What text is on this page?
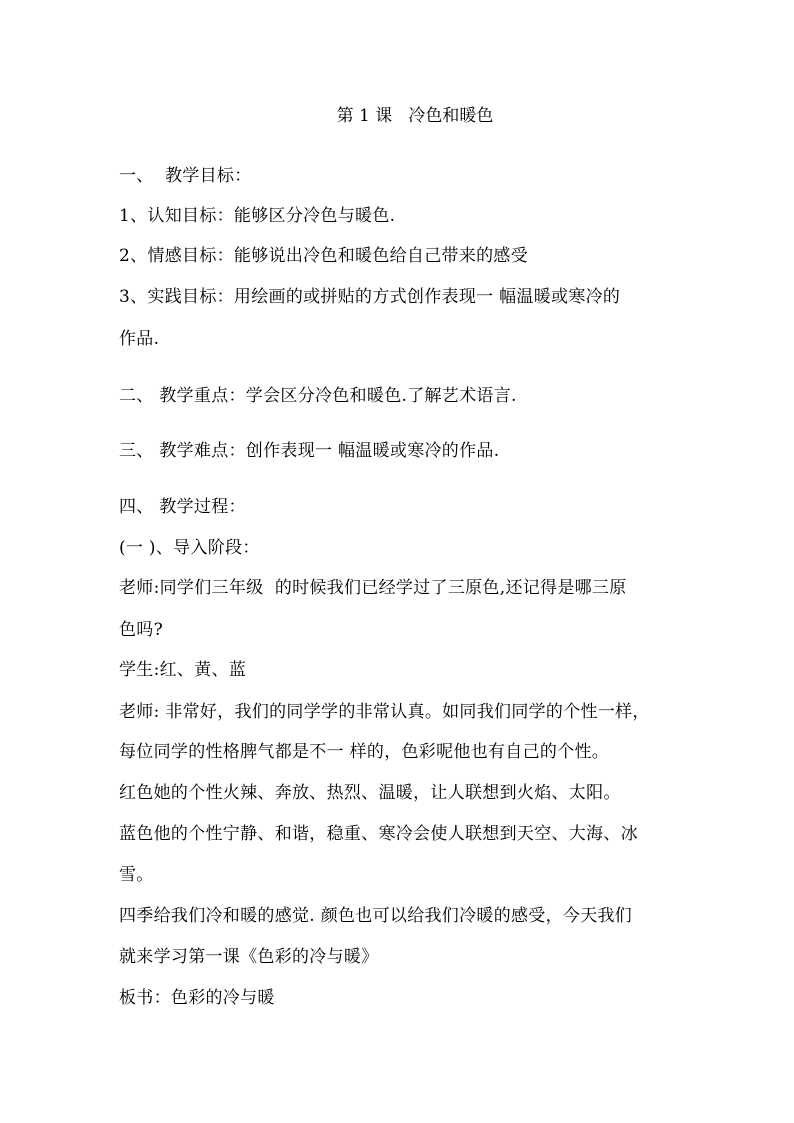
第 1 课   冷色和暖色
一、  教学目标：
1、认知目标：能够区分冷色与暖色.
2、情感目标：能够说出冷色和暖色给自己带来的感受
3、实践目标：用绘画的或拼贴的方式创作表现一 幅温暖或寒冷的
作品.
二、 教学重点：学会区分冷色和暖色.了解艺术语言.
三、 教学难点：创作表现一 幅温暖或寒冷的作品.
四、 教学过程：
(一 )、导入阶段：
老师:同学们三年级  的时候我们已经学过了三原色,还记得是哪三原
色吗?
学生:红、黄、蓝
老师: 非常好，我们的同学学的非常认真。如同我们同学的个性一样，
每位同学的性格脾气都是不一 样的，色彩呢他也有自己的个性。
红色她的个性火辣、奔放、热烈、温暖，让人联想到火焰、太阳。
蓝色他的个性宁静、和谐，稳重、寒冷会使人联想到天空、大海、冰
雪。
四季给我们冷和暖的感觉. 颜色也可以给我们冷暖的感受，今天我们
就来学习第一课《色彩的冷与暖》
板书：色彩的冷与暖
